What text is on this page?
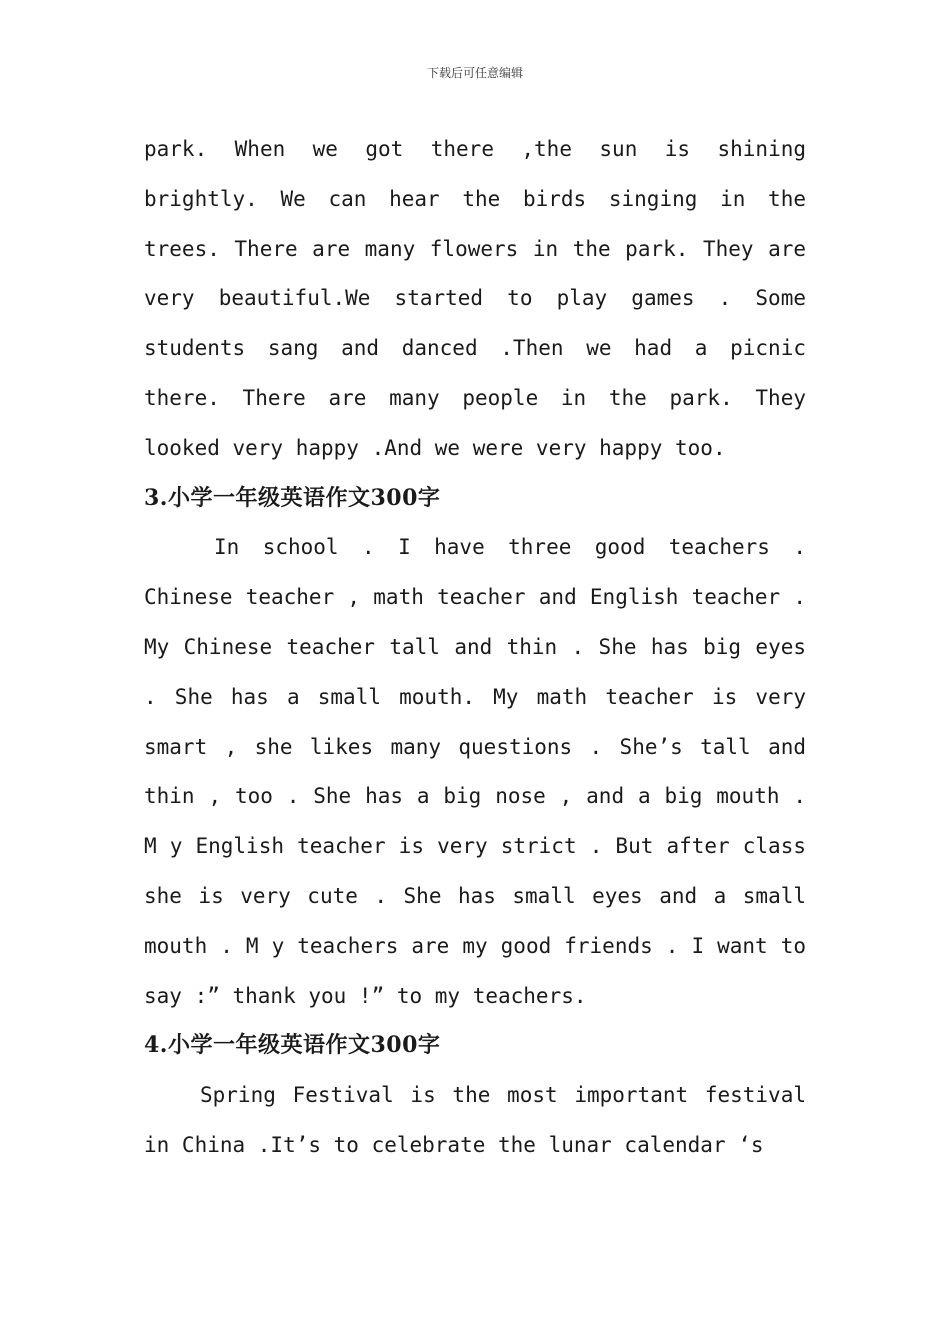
下载后可任意编辑

park. When we got there ,the sun is shining brightly. We can hear the birds singing in the trees. There are many flowers in the park. They are very beautiful.We started to play games . Some students sang and danced .Then we had a picnic there. There are many people in the park. They looked very happy .And we were very happy too.

3.小学一年级英语作文300字

In school . I have three good teachers . Chinese teacher , math teacher and English teacher . My Chinese teacher tall and thin . She has big eyes . She has a small mouth. My math teacher is very smart , she likes many questions . She’s tall and thin , too . She has a big nose , and a big mouth . M y English teacher is very strict . But after class she is very cute . She has small eyes and a small mouth . M y teachers are my good friends . I want to say :” thank you !” to my teachers.

4.小学一年级英语作文300字

Spring Festival is the most important festival in China .It’s to celebrate the lunar calendar ‘s
